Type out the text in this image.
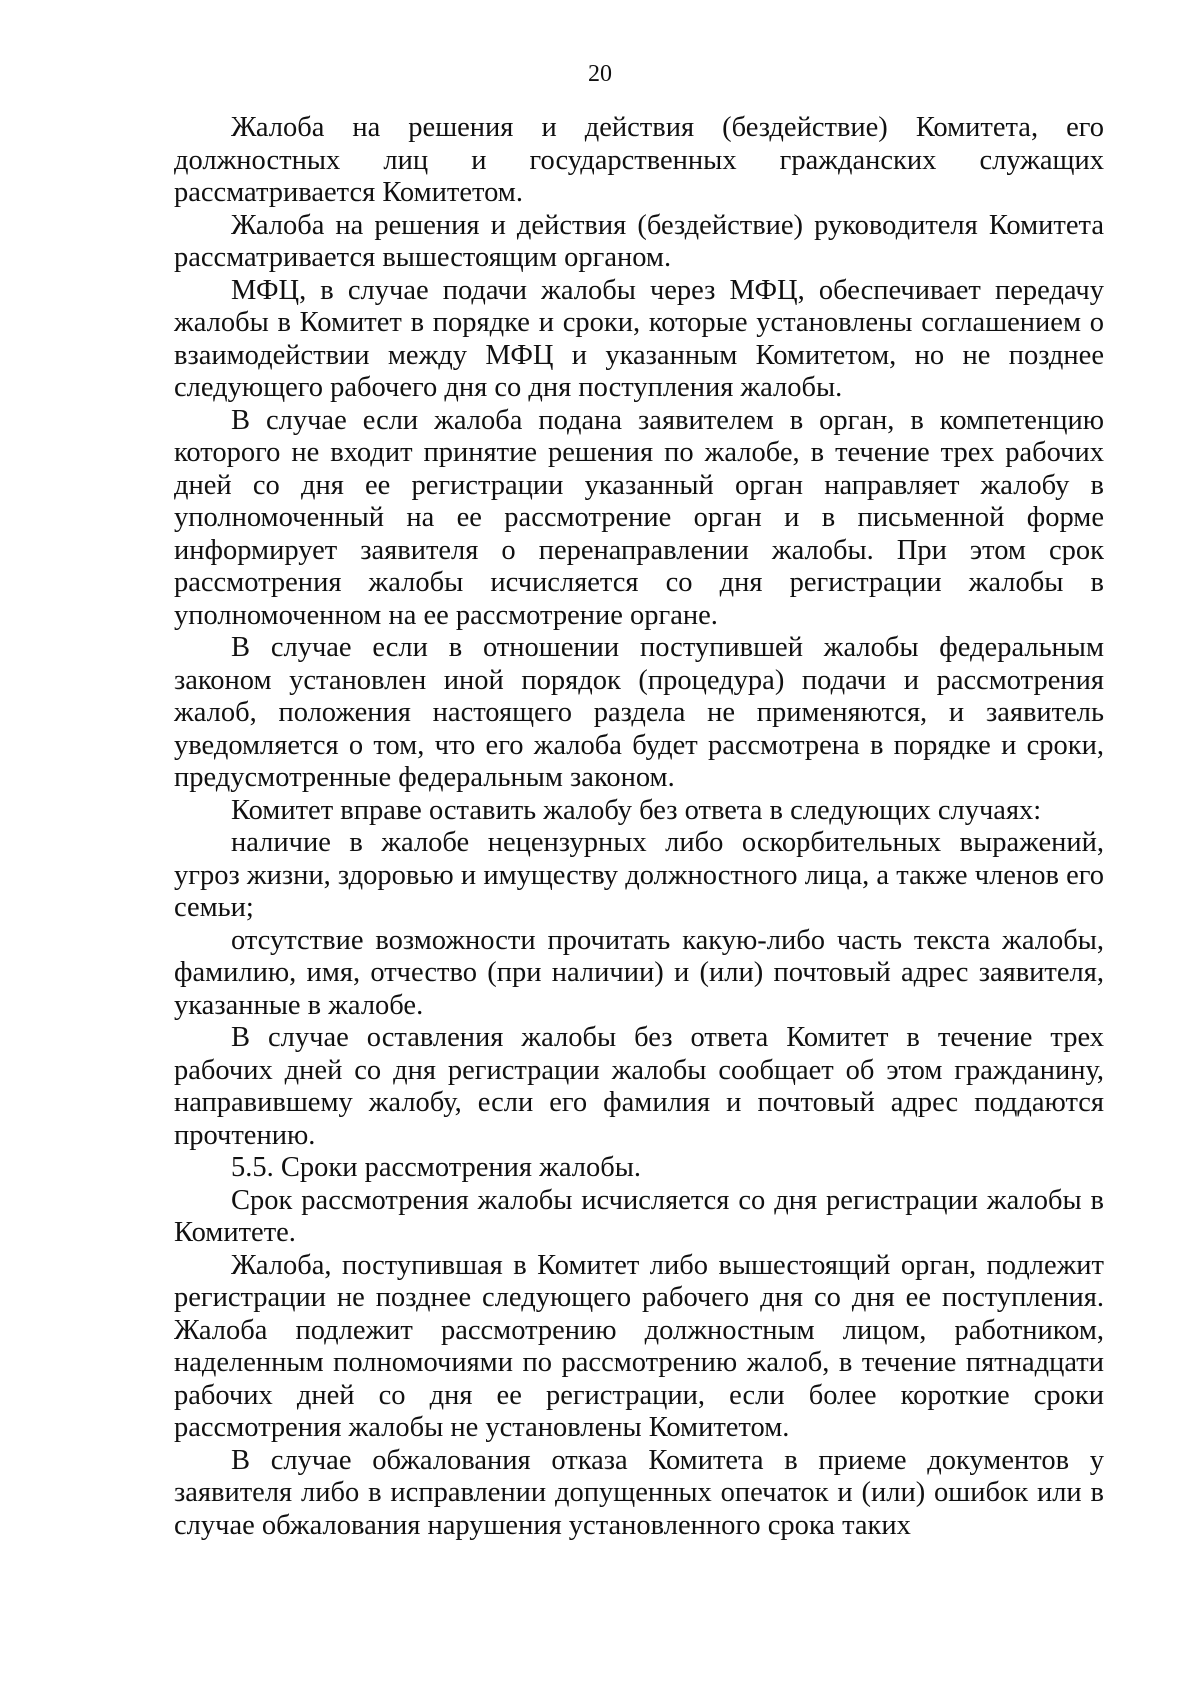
20

Жалоба на решения и действия (бездействие) Комитета, его должностных лиц и государственных гражданских служащих рассматривается Комитетом.

Жалоба на решения и действия (бездействие) руководителя Комитета рассматривается вышестоящим органом.

МФЦ, в случае подачи жалобы через МФЦ, обеспечивает передачу жалобы в Комитет в порядке и сроки, которые установлены соглашением о взаимодействии между МФЦ и указанным Комитетом, но не позднее следующего рабочего дня со дня поступления жалобы.

В случае если жалоба подана заявителем в орган, в компетенцию которого не входит принятие решения по жалобе, в течение трех рабочих дней со дня ее регистрации указанный орган направляет жалобу в уполномоченный на ее рассмотрение орган и в письменной форме информирует заявителя о перенаправлении жалобы. При этом срок рассмотрения жалобы исчисляется со дня регистрации жалобы в уполномоченном на ее рассмотрение органе.

В случае если в отношении поступившей жалобы федеральным законом установлен иной порядок (процедура) подачи и рассмотрения жалоб, положения настоящего раздела не применяются, и заявитель уведомляется о том, что его жалоба будет рассмотрена в порядке и сроки, предусмотренные федеральным законом.

Комитет вправе оставить жалобу без ответа в следующих случаях:

наличие в жалобе нецензурных либо оскорбительных выражений, угроз жизни, здоровью и имуществу должностного лица, а также членов его семьи;

отсутствие возможности прочитать какую-либо часть текста жалобы, фамилию, имя, отчество (при наличии) и (или) почтовый адрес заявителя, указанные в жалобе.

В случае оставления жалобы без ответа Комитет в течение трех рабочих дней со дня регистрации жалобы сообщает об этом гражданину, направившему жалобу, если его фамилия и почтовый адрес поддаются прочтению.

5.5. Сроки рассмотрения жалобы.

Срок рассмотрения жалобы исчисляется со дня регистрации жалобы в Комитете.

Жалоба, поступившая в Комитет либо вышестоящий орган, подлежит регистрации не позднее следующего рабочего дня со дня ее поступления. Жалоба подлежит рассмотрению должностным лицом, работником, наделенным полномочиями по рассмотрению жалоб, в течение пятнадцати рабочих дней со дня ее регистрации, если более короткие сроки рассмотрения жалобы не установлены Комитетом.

В случае обжалования отказа Комитета в приеме документов у заявителя либо в исправлении допущенных опечаток и (или) ошибок или в случае обжалования нарушения установленного срока таких
